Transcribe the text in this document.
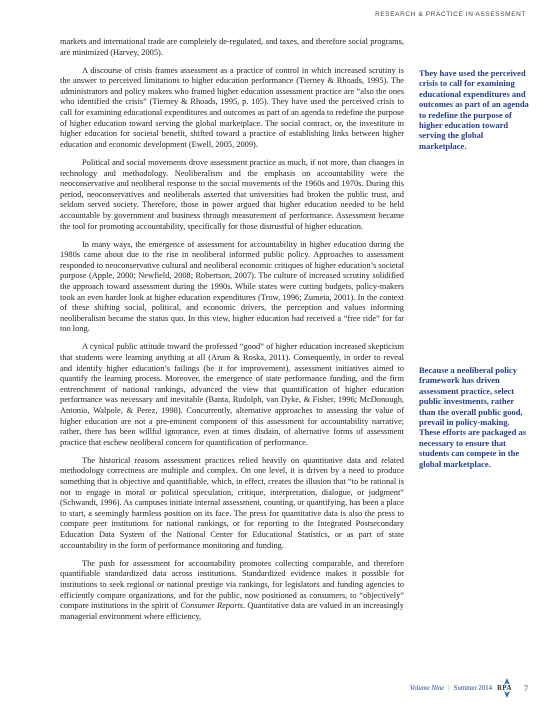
RESEARCH & PRACTICE IN ASSESSMENT

markets and international trade are completely de-regulated, and taxes, and therefore social programs, are minimized (Harvey, 2005).

A discourse of crisis frames assessment as a practice of control in which increased scrutiny is the answer to perceived limitations to higher education performance (Tierney & Rhoads, 1995). The administrators and policy makers who framed higher education assessment practice are “also the ones who identified the crisis” (Tierney & Rhoads, 1995, p. 105). They have used the perceived crisis to call for examining educational expenditures and outcomes as part of an agenda to redefine the purpose of higher education toward serving the global marketplace. The social contract, or, the investiture in higher education for societal benefit, shifted toward a practice of establishing links between higher education and economic development (Ewell, 2005, 2009).

Political and social movements drove assessment practice as much, if not more, than changes in technology and methodology. Neoliberalism and the emphasis on accountability were the neoconservative and neoliberal response to the social movements of the 1960s and 1970s. During this period, neoconservatives and neoliberals asserted that universities had broken the public trust, and seldom served society. Therefore, those in power argued that higher education needed to be held accountable by government and business through measurement of performance. Assessment became the tool for promoting accountability, specifically for those distrustful of higher education.

In many ways, the emergence of assessment for accountability in higher education during the 1980s came about due to the rise in neoliberal informed public policy. Approaches to assessment responded to neoconservative cultural and neoliberal economic critiques of higher education’s societal purpose (Apple, 2000; Newfield, 2008; Robertson, 2007). The culture of increased scrutiny solidified the approach toward assessment during the 1990s. While states were cutting budgets, policy-makers took an even harder look at higher education expenditures (Trow, 1996; Zumeta, 2001). In the context of these shifting social, political, and economic drivers, the perception and values informing neoliberalism became the status quo. In this view, higher education had received a “free ride” for far too long.

A cynical public attitude toward the professed “good” of higher education increased skepticism that students were learning anything at all (Arum & Roska, 2011). Consequently, in order to reveal and identify higher education’s failings (be it for improvement), assessment initiatives aimed to quantify the learning process. Moreover, the emergence of state performance funding, and the firm entrenchment of national rankings, advanced the view that quantification of higher education performance was necessary and inevitable (Banta, Rudolph, van Dyke, & Fisher, 1996; McDonough, Antonio, Walpole, & Perez, 1998). Concurrently, alternative approaches to assessing the value of higher education are not a pre-eminent component of this assessment for accountability narrative; rather, there has been willful ignorance, even at times disdain, of alternative forms of assessment practice that eschew neoliberal concern for quantification of performance.

The historical reasons assessment practices relied heavily on quantitative data and related methodology correctness are multiple and complex. On one level, it is driven by a need to produce something that is objective and quantifiable, which, in effect, creates the illusion that “to be rational is not to engage in moral or political speculation, critique, interpretation, dialogue, or judgment” (Schwandt, 1996). As campuses initiate internal assessment, counting, or quantifying, has been a place to start, a seemingly harmless position on its face. The press for quantitative data is also the press to compare peer institutions for national rankings, or for reporting to the Integrated Postsecondary Education Data System of the National Center for Educational Statistics, or as part of state accountability in the form of performance monitoring and funding.

The push for assessment for accountability promotes collecting comparable, and therefore quantifiable standardized data across institutions. Standardized evidence makes it possible for institutions to seek regional or national prestige via rankings, for legislators and funding agencies to efficiently compare organizations, and for the public, now positioned as consumers, to “objectively” compare institutions in the spirit of Consumer Reports. Quantitative data are valued in an increasingly managerial environment where efficiency,

They have used the perceived crisis to call for examining educational expenditures and outcomes as part of an agenda to redefine the purpose of higher education toward serving the global marketplace.
Because a neoliberal policy framework has driven assessment practice, select public investments, rather than the overall public good, prevail in policy-making. These efforts are packaged as necessary to ensure that students can compete in the global marketplace.
Volume Nine | Summer 2014 RPA 7
